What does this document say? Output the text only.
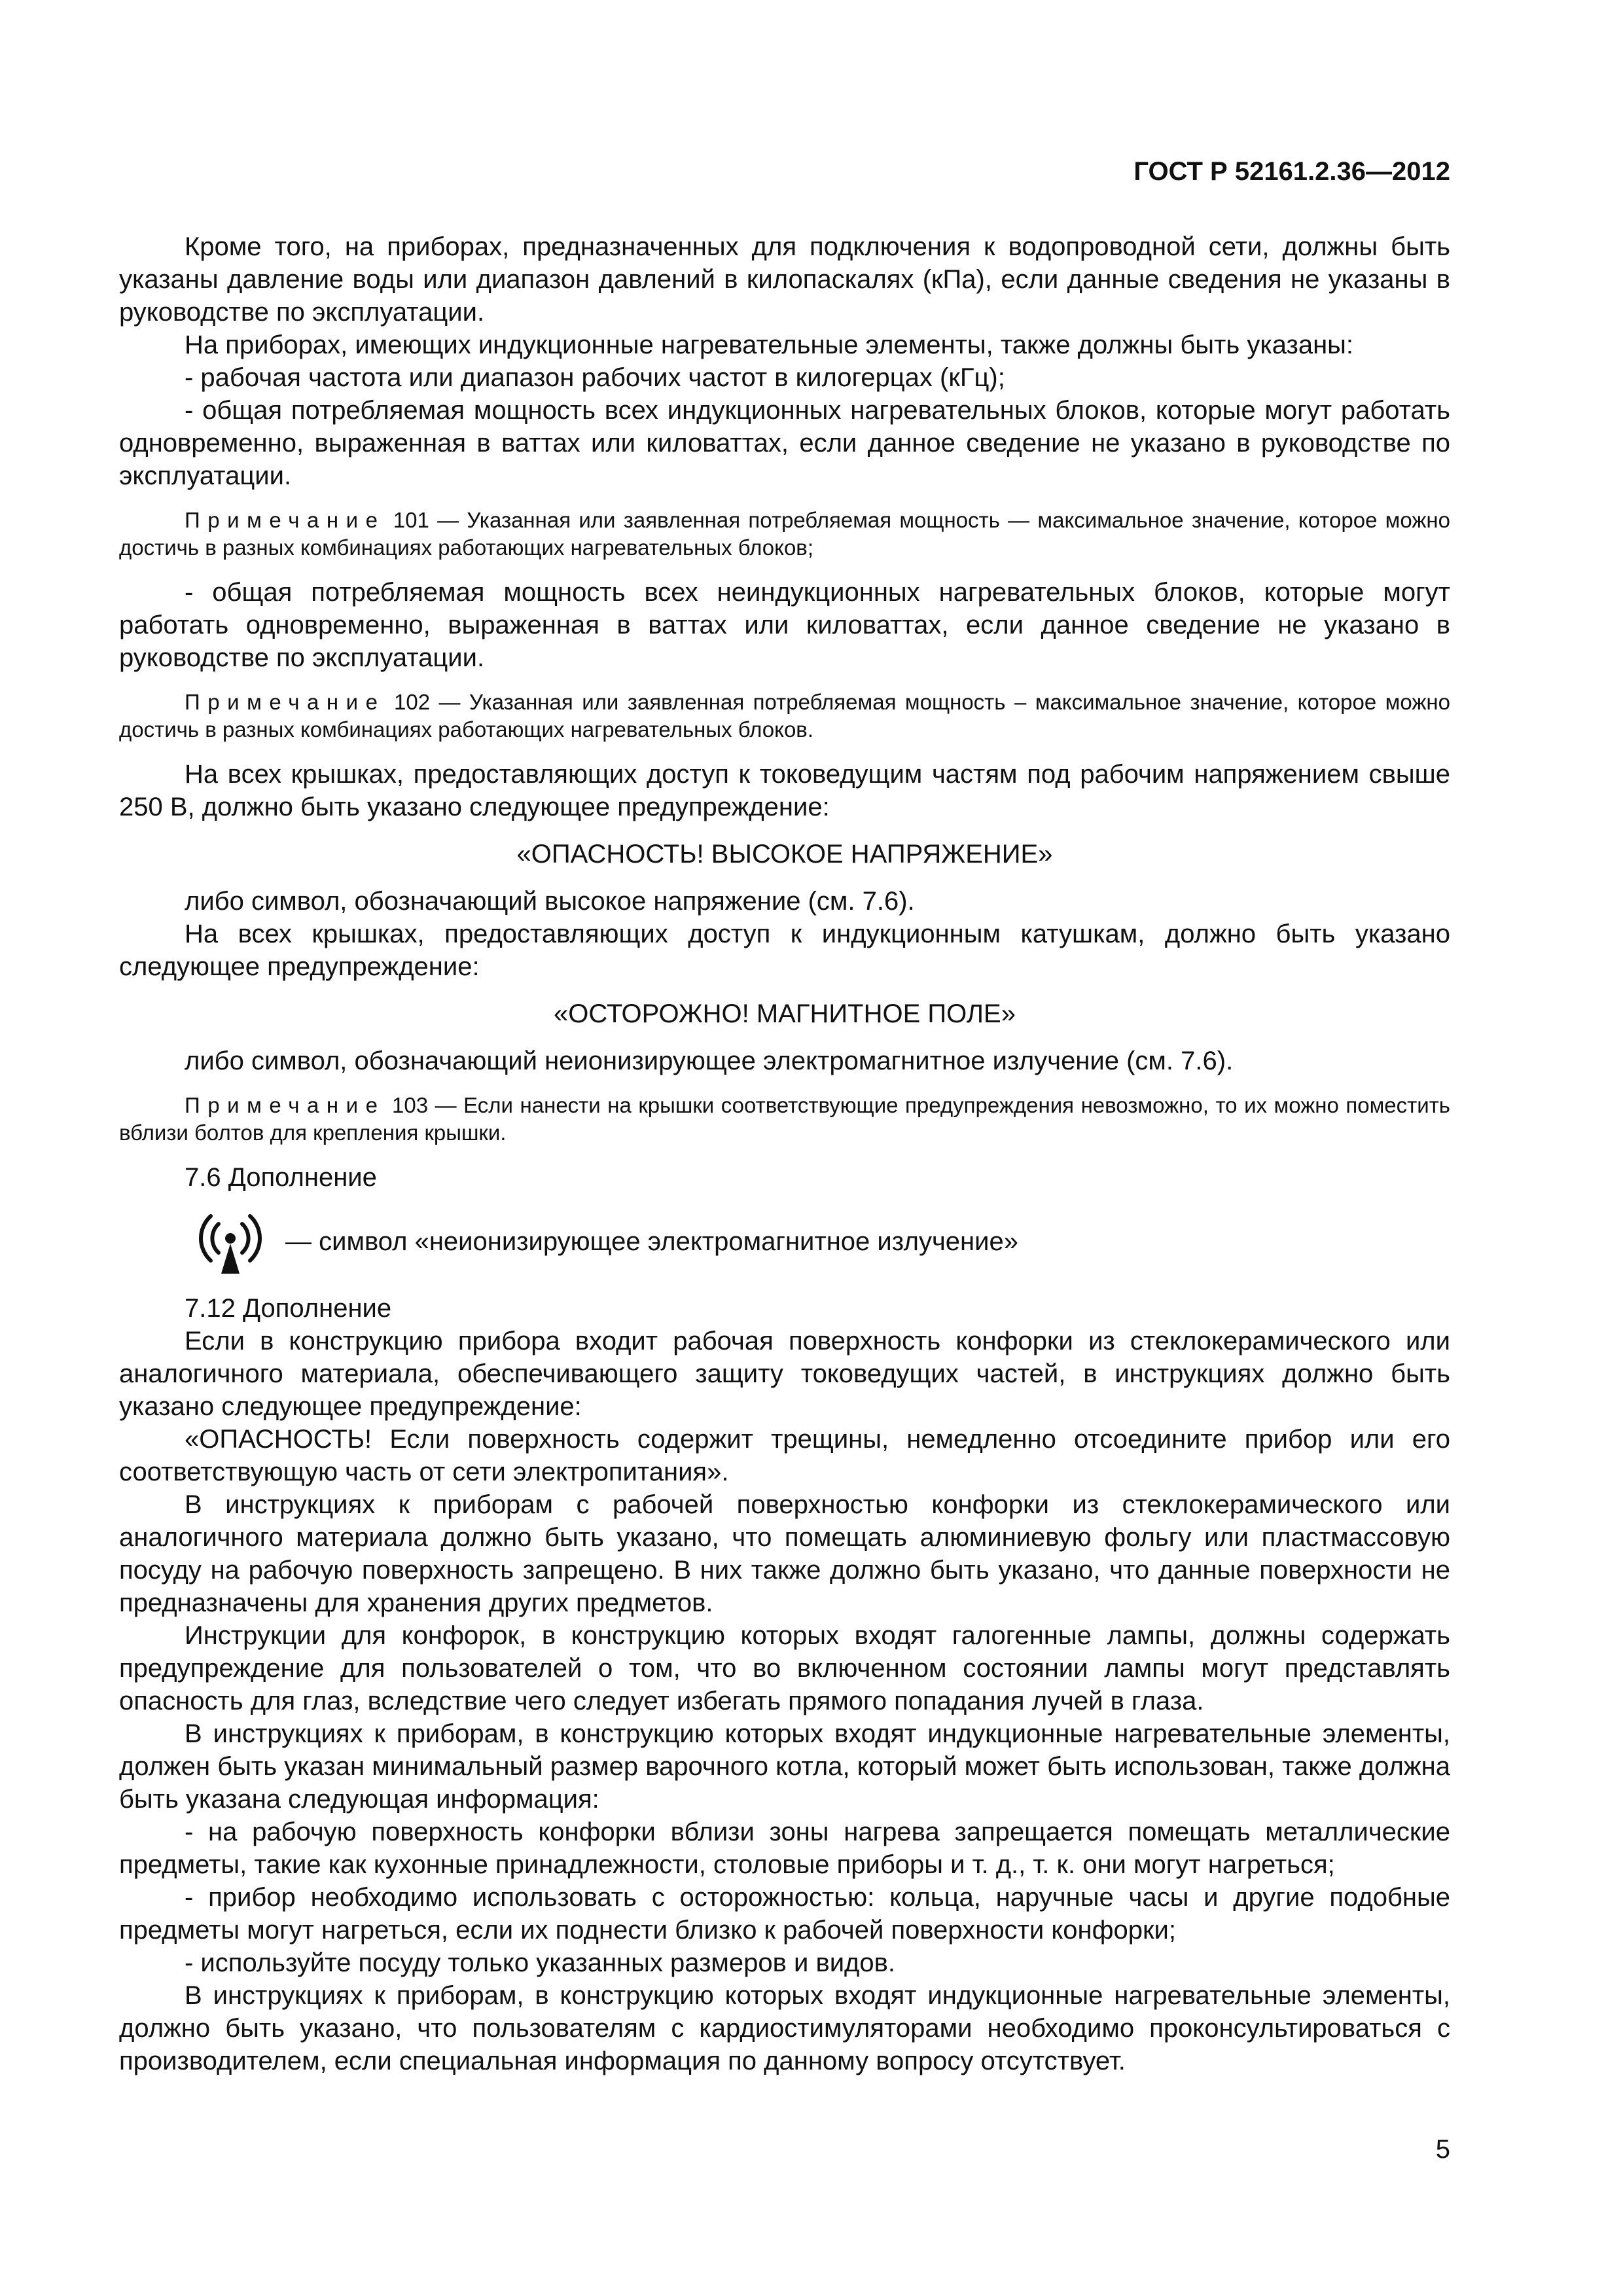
ГОСТ Р 52161.2.36—2012

Кроме того, на приборах, предназначенных для подключения к водопроводной сети, должны быть указаны давление воды или диапазон давлений в килопаскалях (кПа), если данные сведения не указаны в руководстве по эксплуатации.

На приборах, имеющих индукционные нагревательные элементы, также должны быть указаны:

- рабочая частота или диапазон рабочих частот в килогерцах (кГц);

- общая потребляемая мощность всех индукционных нагревательных блоков, которые могут работать одновременно, выраженная в ваттах или киловаттах, если данное сведение не указано в руководстве по эксплуатации.

Примечание 101 — Указанная или заявленная потребляемая мощность — максимальное значение, которое можно достичь в разных комбинациях работающих нагревательных блоков;

- общая потребляемая мощность всех неиндукционных нагревательных блоков, которые могут работать одновременно, выраженная в ваттах или киловаттах, если данное сведение не указано в руководстве по эксплуатации.

Примечание 102 — Указанная или заявленная потребляемая мощность – максимальное значение, которое можно достичь в разных комбинациях работающих нагревательных блоков.

На всех крышках, предоставляющих доступ к токоведущим частям под рабочим напряжением свыше 250 В, должно быть указано следующее предупреждение:

«ОПАСНОСТЬ! ВЫСОКОЕ НАПРЯЖЕНИЕ»

либо символ, обозначающий высокое напряжение (см. 7.6).

На всех крышках, предоставляющих доступ к индукционным катушкам, должно быть указано следующее предупреждение:

«ОСТОРОЖНО! МАГНИТНОЕ ПОЛЕ»

либо символ, обозначающий неионизирующее электромагнитное излучение (см. 7.6).

Примечание 103 — Если нанести на крышки соответствующие предупреждения невозможно, то их можно поместить вблизи болтов для крепления крышки.

7.6 Дополнение

— символ «неионизирующее электромагнитное излучение»

7.12 Дополнение

Если в конструкцию прибора входит рабочая поверхность конфорки из стеклокерамического или аналогичного материала, обеспечивающего защиту токоведущих частей, в инструкциях должно быть указано следующее предупреждение:

«ОПАСНОСТЬ! Если поверхность содержит трещины, немедленно отсоедините прибор или его соответствующую часть от сети электропитания».

В инструкциях к приборам с рабочей поверхностью конфорки из стеклокерамического или аналогичного материала должно быть указано, что помещать алюминиевую фольгу или пластмассовую посуду на рабочую поверхность запрещено. В них также должно быть указано, что данные поверхности не предназначены для хранения других предметов.

Инструкции для конфорок, в конструкцию которых входят галогенные лампы, должны содержать предупреждение для пользователей о том, что во включенном состоянии лампы могут представлять опасность для глаз, вследствие чего следует избегать прямого попадания лучей в глаза.

В инструкциях к приборам, в конструкцию которых входят индукционные нагревательные элементы, должен быть указан минимальный размер варочного котла, который может быть использован, также должна быть указана следующая информация:

- на рабочую поверхность конфорки вблизи зоны нагрева запрещается помещать металлические предметы, такие как кухонные принадлежности, столовые приборы и т. д., т. к. они могут нагреться;

- прибор необходимо использовать с осторожностью: кольца, наручные часы и другие подобные предметы могут нагреться, если их поднести близко к рабочей поверхности конфорки;

- используйте посуду только указанных размеров и видов.

В инструкциях к приборам, в конструкцию которых входят индукционные нагревательные элементы, должно быть указано, что пользователям с кардиостимуляторами необходимо проконсультироваться с производителем, если специальная информация по данному вопросу отсутствует.

5
